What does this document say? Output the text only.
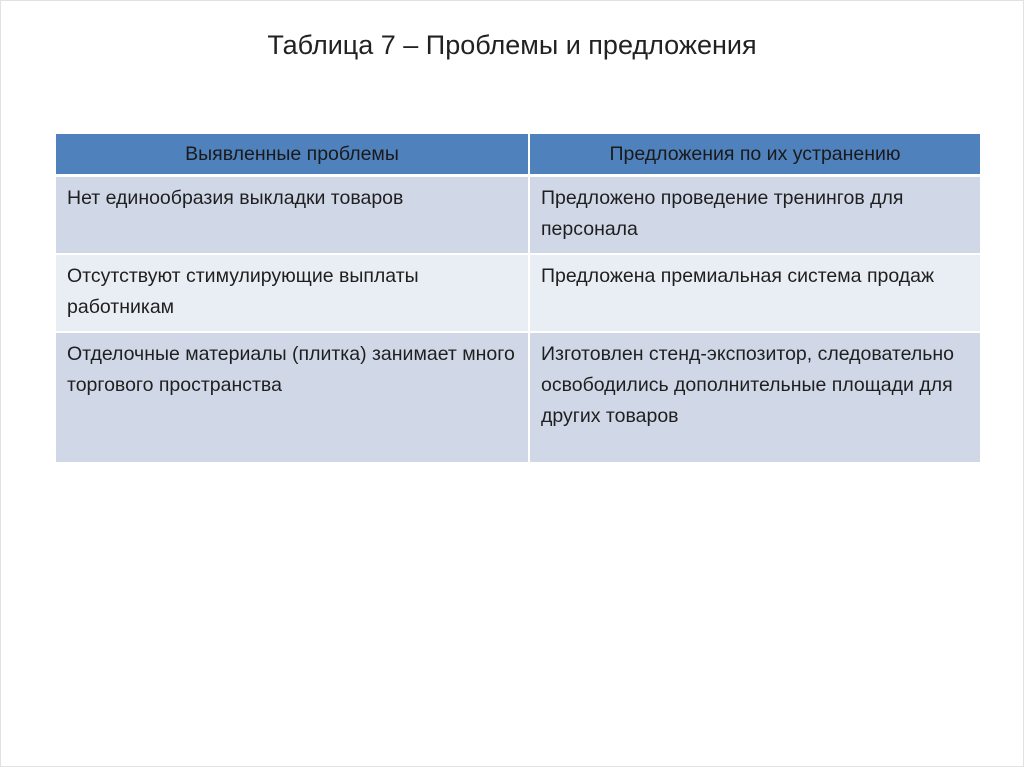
Таблица 7 – Проблемы и предложения
Выявленные проблемы	Предложения по их устранению
Нет единообразия выкладки товаров	Предложено проведение тренингов для персонала
Отсутствуют стимулирующие выплаты работникам	Предложена премиальная система продаж
Отделочные материалы (плитка) занимает много торгового пространства	Изготовлен стенд-экспозитор, следовательно освободились дополнительные площади для других товаров
